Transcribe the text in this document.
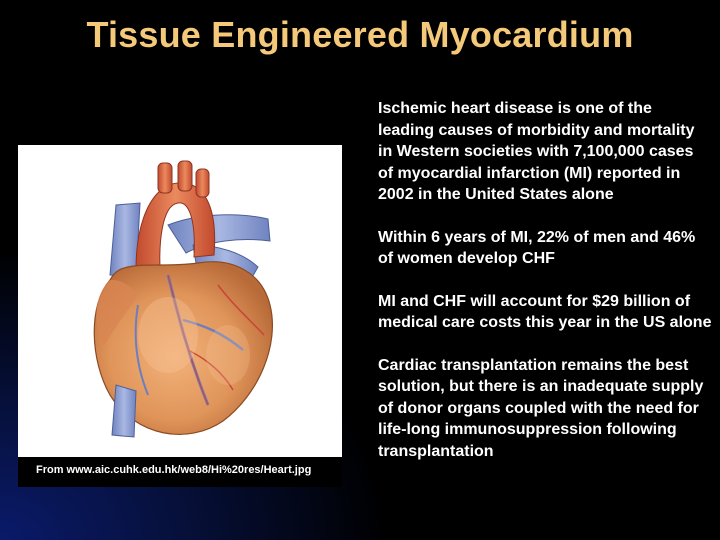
Tissue Engineered Myocardium
From www.aic.cuhk.edu.hk/web8/Hi%20res/Heart.jpg
Ischemic heart disease is one of the leading causes of morbidity and mortality in Western societies with 7,100,000 cases of myocardial infarction (MI) reported in 2002 in the United States alone
Within 6 years of MI, 22% of men and 46% of women develop CHF
MI and CHF will account for $29 billion of medical care costs this year in the US alone
Cardiac transplantation remains the best solution, but there is an inadequate supply of donor organs coupled with the need for life-long immunosuppression following transplantation
